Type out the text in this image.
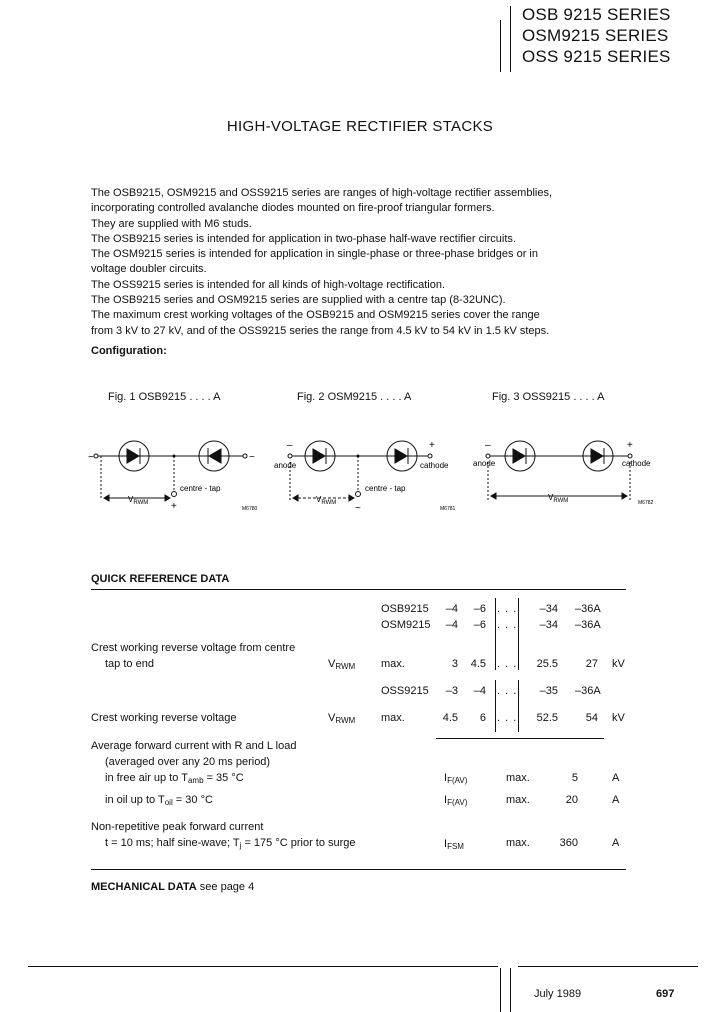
OSB 9215 SERIES
OSM9215 SERIES
OSS 9215 SERIES
HIGH-VOLTAGE RECTIFIER STACKS
The OSB9215, OSM9215 and OSS9215 series are ranges of high-voltage rectifier assemblies,
incorporating controlled avalanche diodes mounted on fire-proof triangular formers.
They are supplied with M6 studs.
The OSB9215 series is intended for application in two-phase half-wave rectifier circuits.
The OSM9215 series is intended for application in single-phase or three-phase bridges or in
voltage doubler circuits.
The OSS9215 series is intended for all kinds of high-voltage rectification.
The OSB9215 series and OSM9215 series are supplied with a centre tap (8-32UNC).
The maximum crest working voltages of the OSB9215 and OSM9215 series cover the range
from 3 kV to 27 kV, and of the OSS9215 series the range from 4.5 kV to 54 kV in 1.5 kV steps.
Configuration:
Fig. 1 OSB9215 . . . . A	Fig. 2 OSM9215 . . . . A	Fig. 3 OSS9215 . . . . A
~	~
centre - tap
+
$V_{RWM}$
M6780
–
anode
+
cathode
centre - tap
~
$V_{RWM}$
M6781
–
anode
+
cathode
$V_{RWM}$	M6782
QUICK REFERENCE DATA
OSB9215	–4	–6 . . .	–34 –36A
OSM9215	–4	–6 . . .	–34 –36A
Crest working reverse voltage from centre
tap to end	$V_{RWM}$ max.	3	4.5 . . .	25.5	27 kV
OSS9215	–3	–4 . . .	–35 –36A
Crest working reverse voltage	$V_{RWM}$ max.	4.5	6 . . .	52.5	54 kV
Average forward current with R and L load
(averaged over any 20 ms period)
in free air up to $T_{amb} = 35$ °C	$I_{F(AV)}$	max.	5	A
in oil up to $T_{oil} = 30$ °C	$I_{F(AV)}$	max.	20	A
Non-repetitive peak forward current
t = 10 ms; half sine-wave; $T_j = 175$ °C prior to surge	$I_{FSM}$	max.	360	A
MECHANICAL DATA see page 4
July 1989	697
